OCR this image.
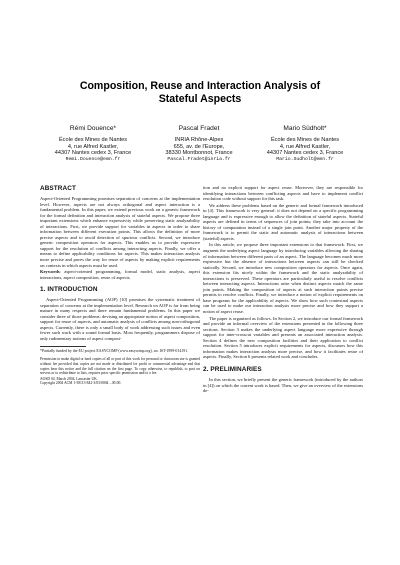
Composition, Reuse and Interaction Analysis of
Stateful Aspects
Rémi Douence*
École des Mines de Nantes
4, rue Alfred Kastler,
44307 Nantes cedex 3, France
Remi.Douence@emn.fr
Pascal Fradet
INRIA Rhône-Alpes
655, av. de l'Europe,
38330 Montbonnot, France
Pascal.Fradet@inria.fr
Mario Südholt*
École des Mines de Nantes
4, rue Alfred Kastler,
44307 Nantes cedex 3, France
Mario.Sudholt@emn.fr
ABSTRACT

Aspect-Oriented Programming promises separation of concerns at the implementation level. However, aspects are not always orthogonal and aspect interaction is a fundamental problem. In this paper, we extend previous work on a generic framework for the formal definition and interaction analysis of stateful aspects. We propose three important extensions which enhance expressivity while preserving static analyzability of interactions. First, we provide support for variables in aspects in order to share information between different execution points. This allows the definition of more precise aspects and to avoid detection of spurious conflicts. Second, we introduce generic composition operators for aspects. This enables us to provide expressive support for the resolution of conflicts among interacting aspects. Finally, we offer a means to define applicability conditions for aspects. This makes interaction analysis more precise and paves the way for reuse of aspects by making explicit requirements on contexts in which aspects must be used.

Keywords: aspect-oriented programming, formal model, static analysis, aspect interactions, aspect composition, reuse of aspects.

1. INTRODUCTION

Aspect-Oriented Programming (AOP) [10] promises the systematic treatment of separation of concerns at the implementation level. Research on AOP is far from being mature in many respects and there remain fundamental problems. In this paper we consider three of those problems: devising an appropriate notion of aspect composition, support for reuse of aspects, and automatic analysis of conflicts among non-orthogonal aspects. Currently, there is only a small body of work addressing such issues and even fewer such work with a sound formal basis. Most frequently, programmers dispose of only rudimentary notions of aspect composi-

*Partially funded by the EU project EASYCOMP (www.easycomp.org), no. IST-1999-014191.

Permission to make digital or hard copies of all or part of this work for personal or classroom use is granted without fee provided that copies are not made or distributed for profit or commercial advantage and that copies bear this notice and the full citation on the first page. To copy otherwise, to republish, to post on servers or to redistribute to lists, requires prior specific permission and/or a fee.

AOSD 04, March 2004, Lancaster UK.

Copyright 2004 ACM 1-58113-842-3/03/0004 ...$5.00.

tion and no explicit support for aspect reuse. Moreover, they are responsible for identifying interactions between conflicting aspects and have to implement conflict resolution code without support for this task.

We address these problems based on the generic and formal framework introduced in [4]. This framework is very general: it does not depend on a specific programming language and is expressive enough to allow the definition of stateful aspects. Stateful aspects are defined in terms of sequences of join points; they take into account the history of computation instead of a single join point. Another major property of the framework is to permit the static and automatic analysis of interactions between (stateful) aspects.

In this article, we propose three important extensions to that framework. First, we augment the underlying aspect language by introducing variables allowing the sharing of information between different parts of an aspect. The language becomes much more expressive but the absence of interactions between aspects can still be checked statically. Second, we introduce new composition operators for aspects. Once again, this extension fits nicely within the framework and the static analyzability of interactions is preserved. These operators are particularly useful to resolve conflicts between interacting aspects. Interactions arise when distinct aspects match the same join points. Making the composition of aspects at such interaction points precise permits to resolve conflicts. Finally, we introduce a notion of explicit requirements on base programs for the applicability of aspects. We show how such contextual aspects can be used to make our interaction analysis more precise and how they support a notion of aspect reuse.

The paper is organized as follows. In Section 2, we introduce our formal framework and provide an informal overview of the extensions presented in the following three sections. Section 3 makes the underlying aspect language more expressive through support for inter-crosscut variables and presents an associated interaction analysis. Section 4 defines the new composition facilities and their application to conflict resolution. Section 5 introduces explicit requirements for aspects, discusses how this information makes interaction analysis more precise, and how it facilitates reuse of aspects. Finally, Section 6 presents related work and concludes.

2. PRELIMINARIES

In this section, we briefly present the generic framework (introduced by the authors in [4]) on which the current work is based. Then, we give an overview of the extensions de-
